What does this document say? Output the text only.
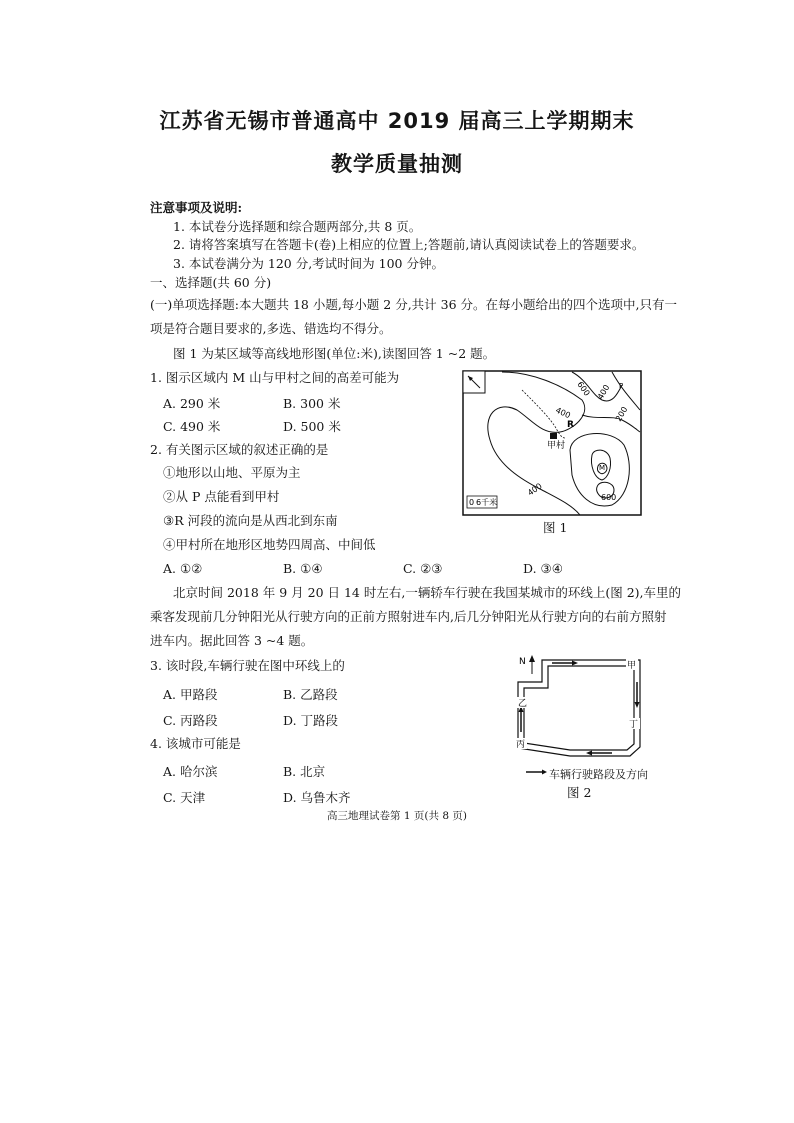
江苏省无锡市普通高中 2019 届高三上学期期末
教学质量抽测
注意事项及说明:
1. 本试卷分选择题和综合题两部分,共 8 页。
2. 请将答案填写在答题卡(卷)上相应的位置上;答题前,请认真阅读试卷上的答题要求。
3. 本试卷满分为 120 分,考试时间为 100 分钟。
一、选择题(共 60 分)
(一)单项选择题:本大题共 18 小题,每小题 2 分,共计 36 分。在每小题给出的四个选项中,只有一
项是符合题目要求的,多选、错选均不得分。
图 1 为某区域等高线地形图(单位:米),读图回答 1 ~2 题。
1. 图示区域内 M 山与甲村之间的高差可能为
A. 290 米	B. 300 米
C. 490 米	D. 500 米
2. 有关图示区域的叙述正确的是
①地形以山地、平原为主
②从 P 点能看到甲村
③R 河段的流向是从西北到东南
④甲村所在地形区地势四周高、中间低
A. ①②	B. ①④	C. ②③	D. ③④
北京时间 2018 年 9 月 20 日 14 时左右,一辆轿车行驶在我国某城市的环线上(图 2),车里的
乘客发现前几分钟阳光从行驶方向的正前方照射进车内,后几分钟阳光从行驶方向的右前方照射
进车内。据此回答 3 ~4 题。
3. 该时段,车辆行驶在图中环线上的
A. 甲路段	B. 乙路段
C. 丙路段	D. 丁路段
4. 该城市可能是
A. 哈尔滨	B. 北京
C. 天津	D. 乌鲁木齐
600
400	200
400
400	600
R
甲村
M
P
0 6千米
图 1
N	甲
乙
丙
丁
车辆行驶路段及方向
图 2
高三地理试卷第 1 页(共 8 页)
